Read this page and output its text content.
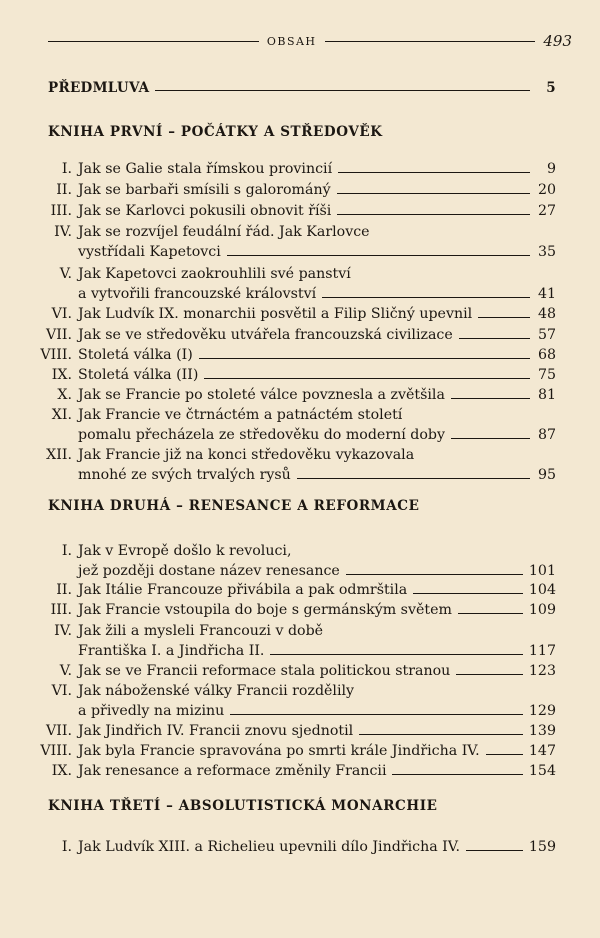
OBSAH	493
PŘEDMLUVA	5
KNIHA PRVNÍ – POČÁTKY A STŘEDOVĚK
I. Jak se Galie stala římskou provincií	9
II. Jak se barbaři smísili s galorománý	20
III. Jak se Karlovci pokusili obnovit říši	27
IV. Jak se rozvíjel feudální řád. Jak Karlovce
vystřídali Kapetovci	35
V. Jak Kapetovci zaokrouhlili své panství
a vytvořili francouzské království	41
VI. Jak Ludvík IX. monarchii posvětil a Filip Sličný upevnil	48
VII. Jak se ve středověku utvářela francouzská civilizace	57
VIII. Stoletá válka (I)	68
IX. Stoletá válka (II)	75
X. Jak se Francie po stoleté válce povznesla a zvětšila	81
XI. Jak Francie ve čtrnáctém a patnáctém století
pomalu přecházela ze středověku do moderní doby	87
XII. Jak Francie již na konci středověku vykazovala
mnohé ze svých trvalých rysů	95
KNIHA DRUHÁ – RENESANCE A REFORMACE
I. Jak v Evropě došlo k revoluci,
jež později dostane název renesance	101
II. Jak Itálie Francouze přivábila a pak odmrštila	104
III. Jak Francie vstoupila do boje s germánským světem	109
IV. Jak žili a mysleli Francouzi v době
Františka I. a Jindřicha II.	117
V. Jak se ve Francii reformace stala politickou stranou	123
VI. Jak náboženské války Francii rozdělily
a přivedly na mizinu	129
VII. Jak Jindřich IV. Francii znovu sjednotil	139
VIII. Jak byla Francie spravována po smrti krále Jindřicha IV.	147
IX. Jak renesance a reformace změnily Francii	154
KNIHA TŘETÍ – ABSOLUTISTICKÁ MONARCHIE
I. Jak Ludvík XIII. a Richelieu upevnili dílo Jindřicha IV.	159
